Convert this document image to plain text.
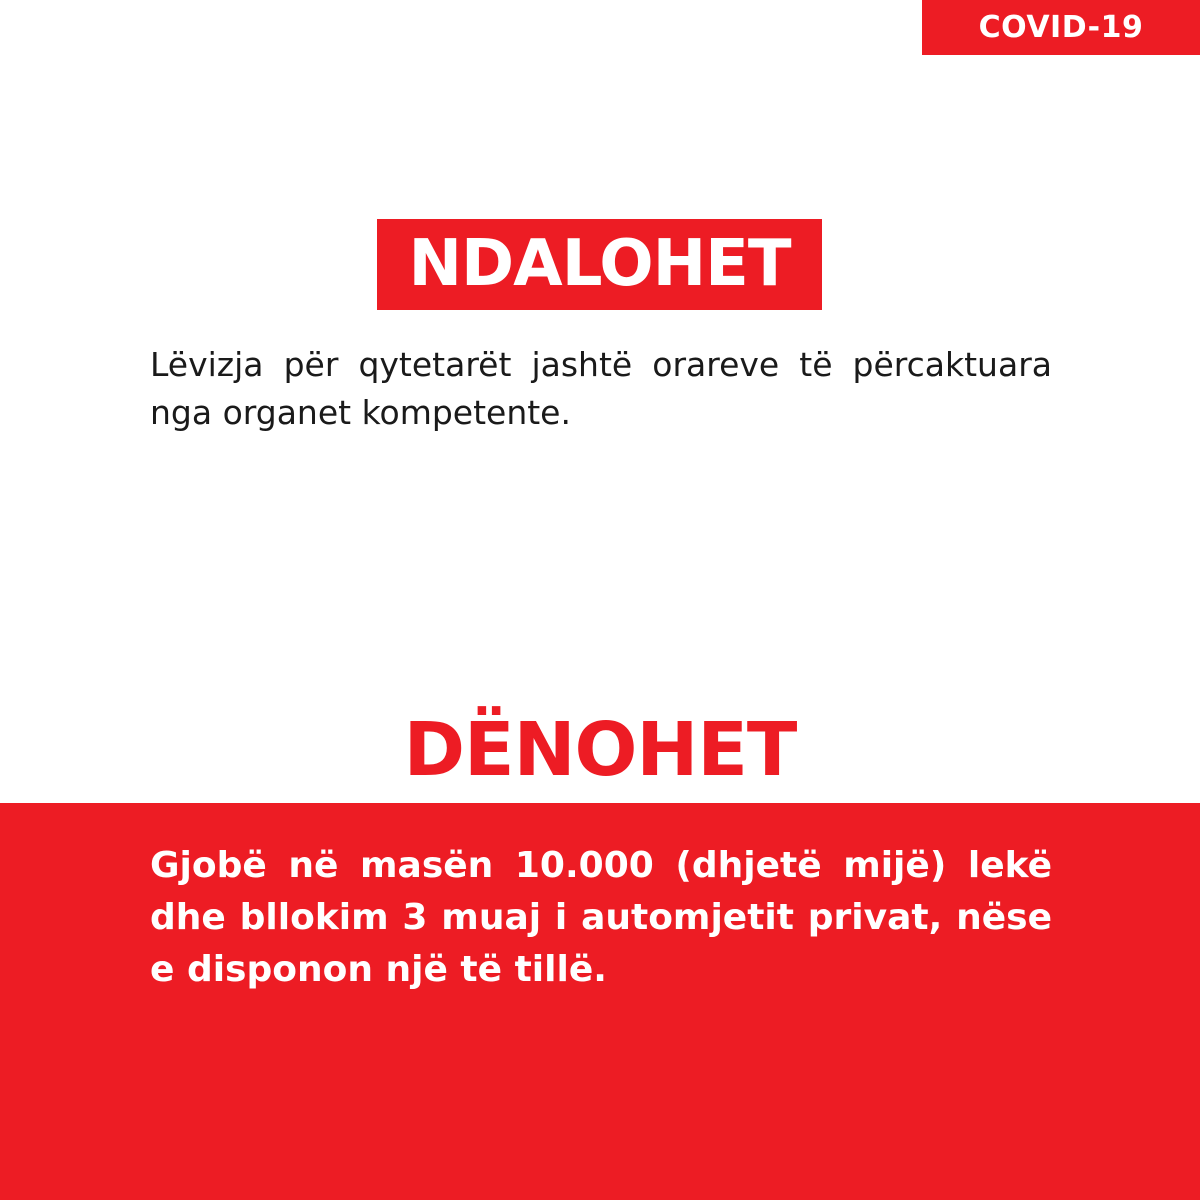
COVID-19
NDALOHET
Lëvizja për qytetarët jashtë orareve të përcaktuara nga organet kompetente.
DËNOHET
Gjobë në masën 10.000 (dhjetë mijë) lekë dhe bllokim 3 muaj i automjetit privat, nëse e disponon një të tillë.
